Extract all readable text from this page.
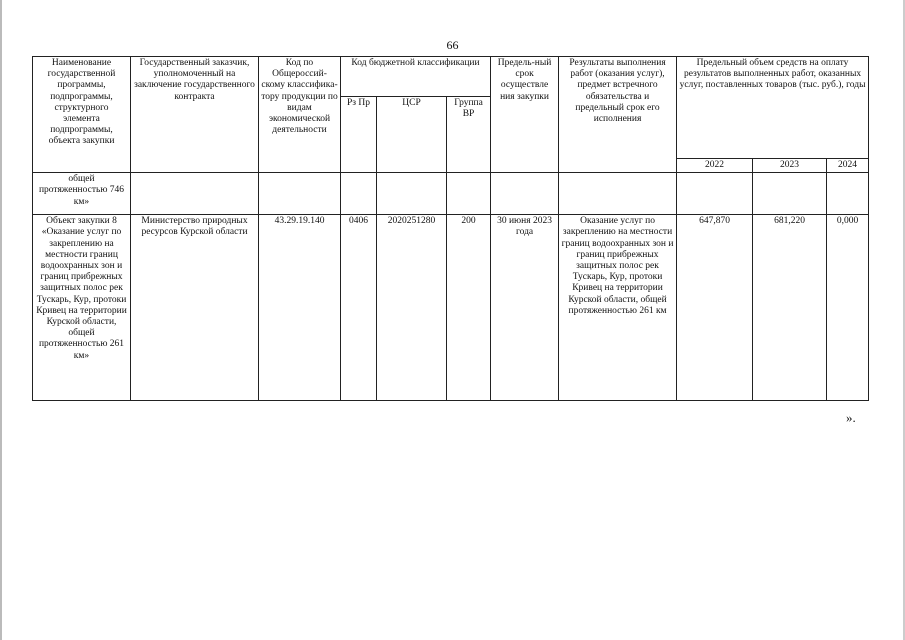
66
Наименование государственной программы, подпрограммы, структурного элемента подпрограммы, объекта закупки	Государственный заказчик, уполномоченный на заключение государственного контракта	Код по Общероссий-скому классифика-тору продукции по видам экономической деятельности	Код бюджетной классификации			Предель-ный срок осуществле ния закупки	Результаты выполнения работ (оказания услуг), предмет встречного обязательства и предельный срок его исполнения	Предельный объем средств на оплату результатов выполненных работ, оказанных услуг, поставленных товаров (тыс. руб.), годы		
			Рз Пр	ЦСР	Группа ВР					
								2022	2023	2024
общей протяженностью 746 км»										
Объект закупки 8 «Оказание услуг по закреплению на местности границ водоохранных зон и границ прибрежных защитных полос рек Тускарь, Кур, протоки Кривец на территории Курской области, общей протяженностью 261 км»	Министерство природных ресурсов Курской области	43.29.19.140	0406	2020251280	200	30 июня 2023 года	Оказание услуг по закреплению на местности границ водоохранных зон и границ прибрежных защитных полос рек Тускарь, Кур, протоки Кривец на территории Курской области, общей протяженностью 261 км	647,870	681,220	0,000
».
